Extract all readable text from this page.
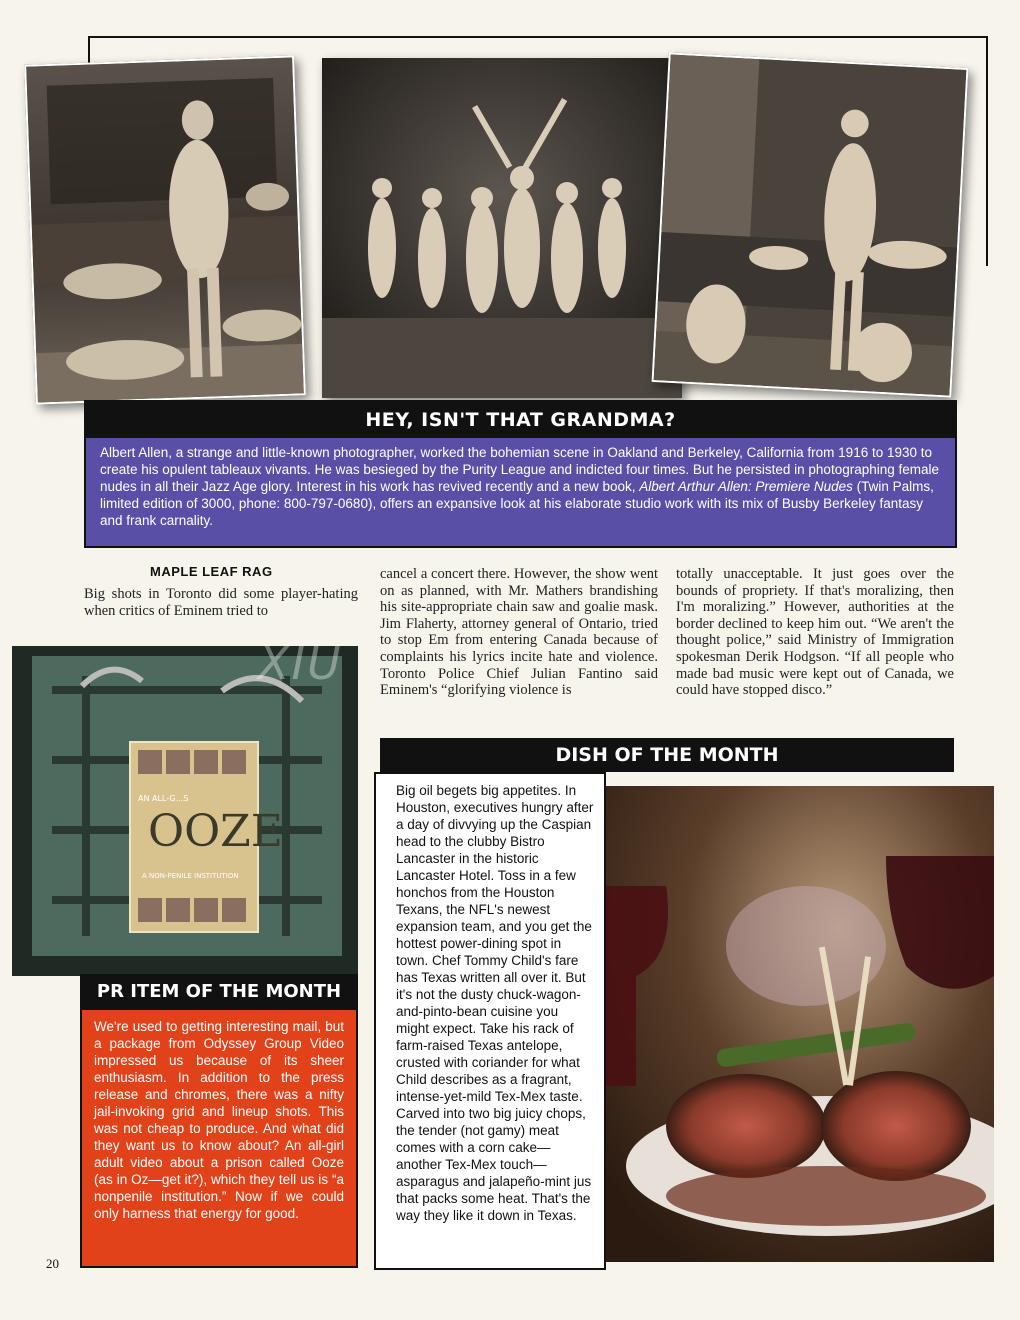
HEY, ISN'T THAT GRANDMA?

Albert Allen, a strange and little-known photographer, worked the bohemian scene in Oakland and Berkeley, California from 1916 to 1930 to create his opulent tableaux vivants. He was besieged by the Purity League and indicted four times. But he persisted in photographing female nudes in all their Jazz Age glory. Interest in his work has revived recently and a new book, Albert Arthur Allen: Premiere Nudes (Twin Palms, limited edition of 3000, phone: 800-797-0680), offers an expansive look at his elaborate studio work with its mix of Busby Berkeley fantasy and frank carnality.

MAPLE LEAF RAG
Big shots in Toronto did some player-hating when critics of Eminem tried to
cancel a concert there. However, the show went on as planned, with Mr. Mathers brandishing his site-appropriate chain saw and goalie mask. Jim Flaherty, attorney general of Ontario, tried to stop Em from entering Canada because of complaints his lyrics incite hate and violence. Toronto Police Chief Julian Fantino said Eminem's “glorifying violence is
totally unacceptable. It just goes over the bounds of propriety. If that's moralizing, then I'm moralizing.” However, authorities at the border declined to keep him out. “We aren't the thought police,” said Ministry of Immigration spokesman Derik Hodgson. “If all people who made bad music were kept out of Canada, we could have stopped disco.”
AN ALL-G...S
OOZE
A NON-PENILE INSTITUTION
XIU
PR ITEM OF THE MONTH

We're used to getting interesting mail, but a package from Odyssey Group Video impressed us because of its sheer enthusiasm. In addition to the press release and chromes, there was a nifty jail-invoking grid and lineup shots. This was not cheap to produce. And what did they want us to know about? An all-girl adult video about a prison called Ooze (as in Oz—get it?), which they tell us is “a nonpenile institution.” Now if we could only harness that energy for good.

DISH OF THE MONTH

Big oil begets big appetites. In Houston, executives hungry after a day of divvying up the Caspian head to the clubby Bistro Lancaster in the historic Lancaster Hotel. Toss in a few honchos from the Houston Texans, the NFL's newest expansion team, and you get the hottest power-dining spot in town. Chef Tommy Child's fare has Texas written all over it. But it's not the dusty chuck-wagon-and-pinto-bean cuisine you might expect. Take his rack of farm-raised Texas antelope, crusted with coriander for what Child describes as a fragrant, intense-yet-mild Tex-Mex taste. Carved into two big juicy chops, the tender (not gamy) meat comes with a corn cake—another Tex-Mex touch—asparagus and jalapeño-mint jus that packs some heat. That's the way they like it down in Texas.

20
